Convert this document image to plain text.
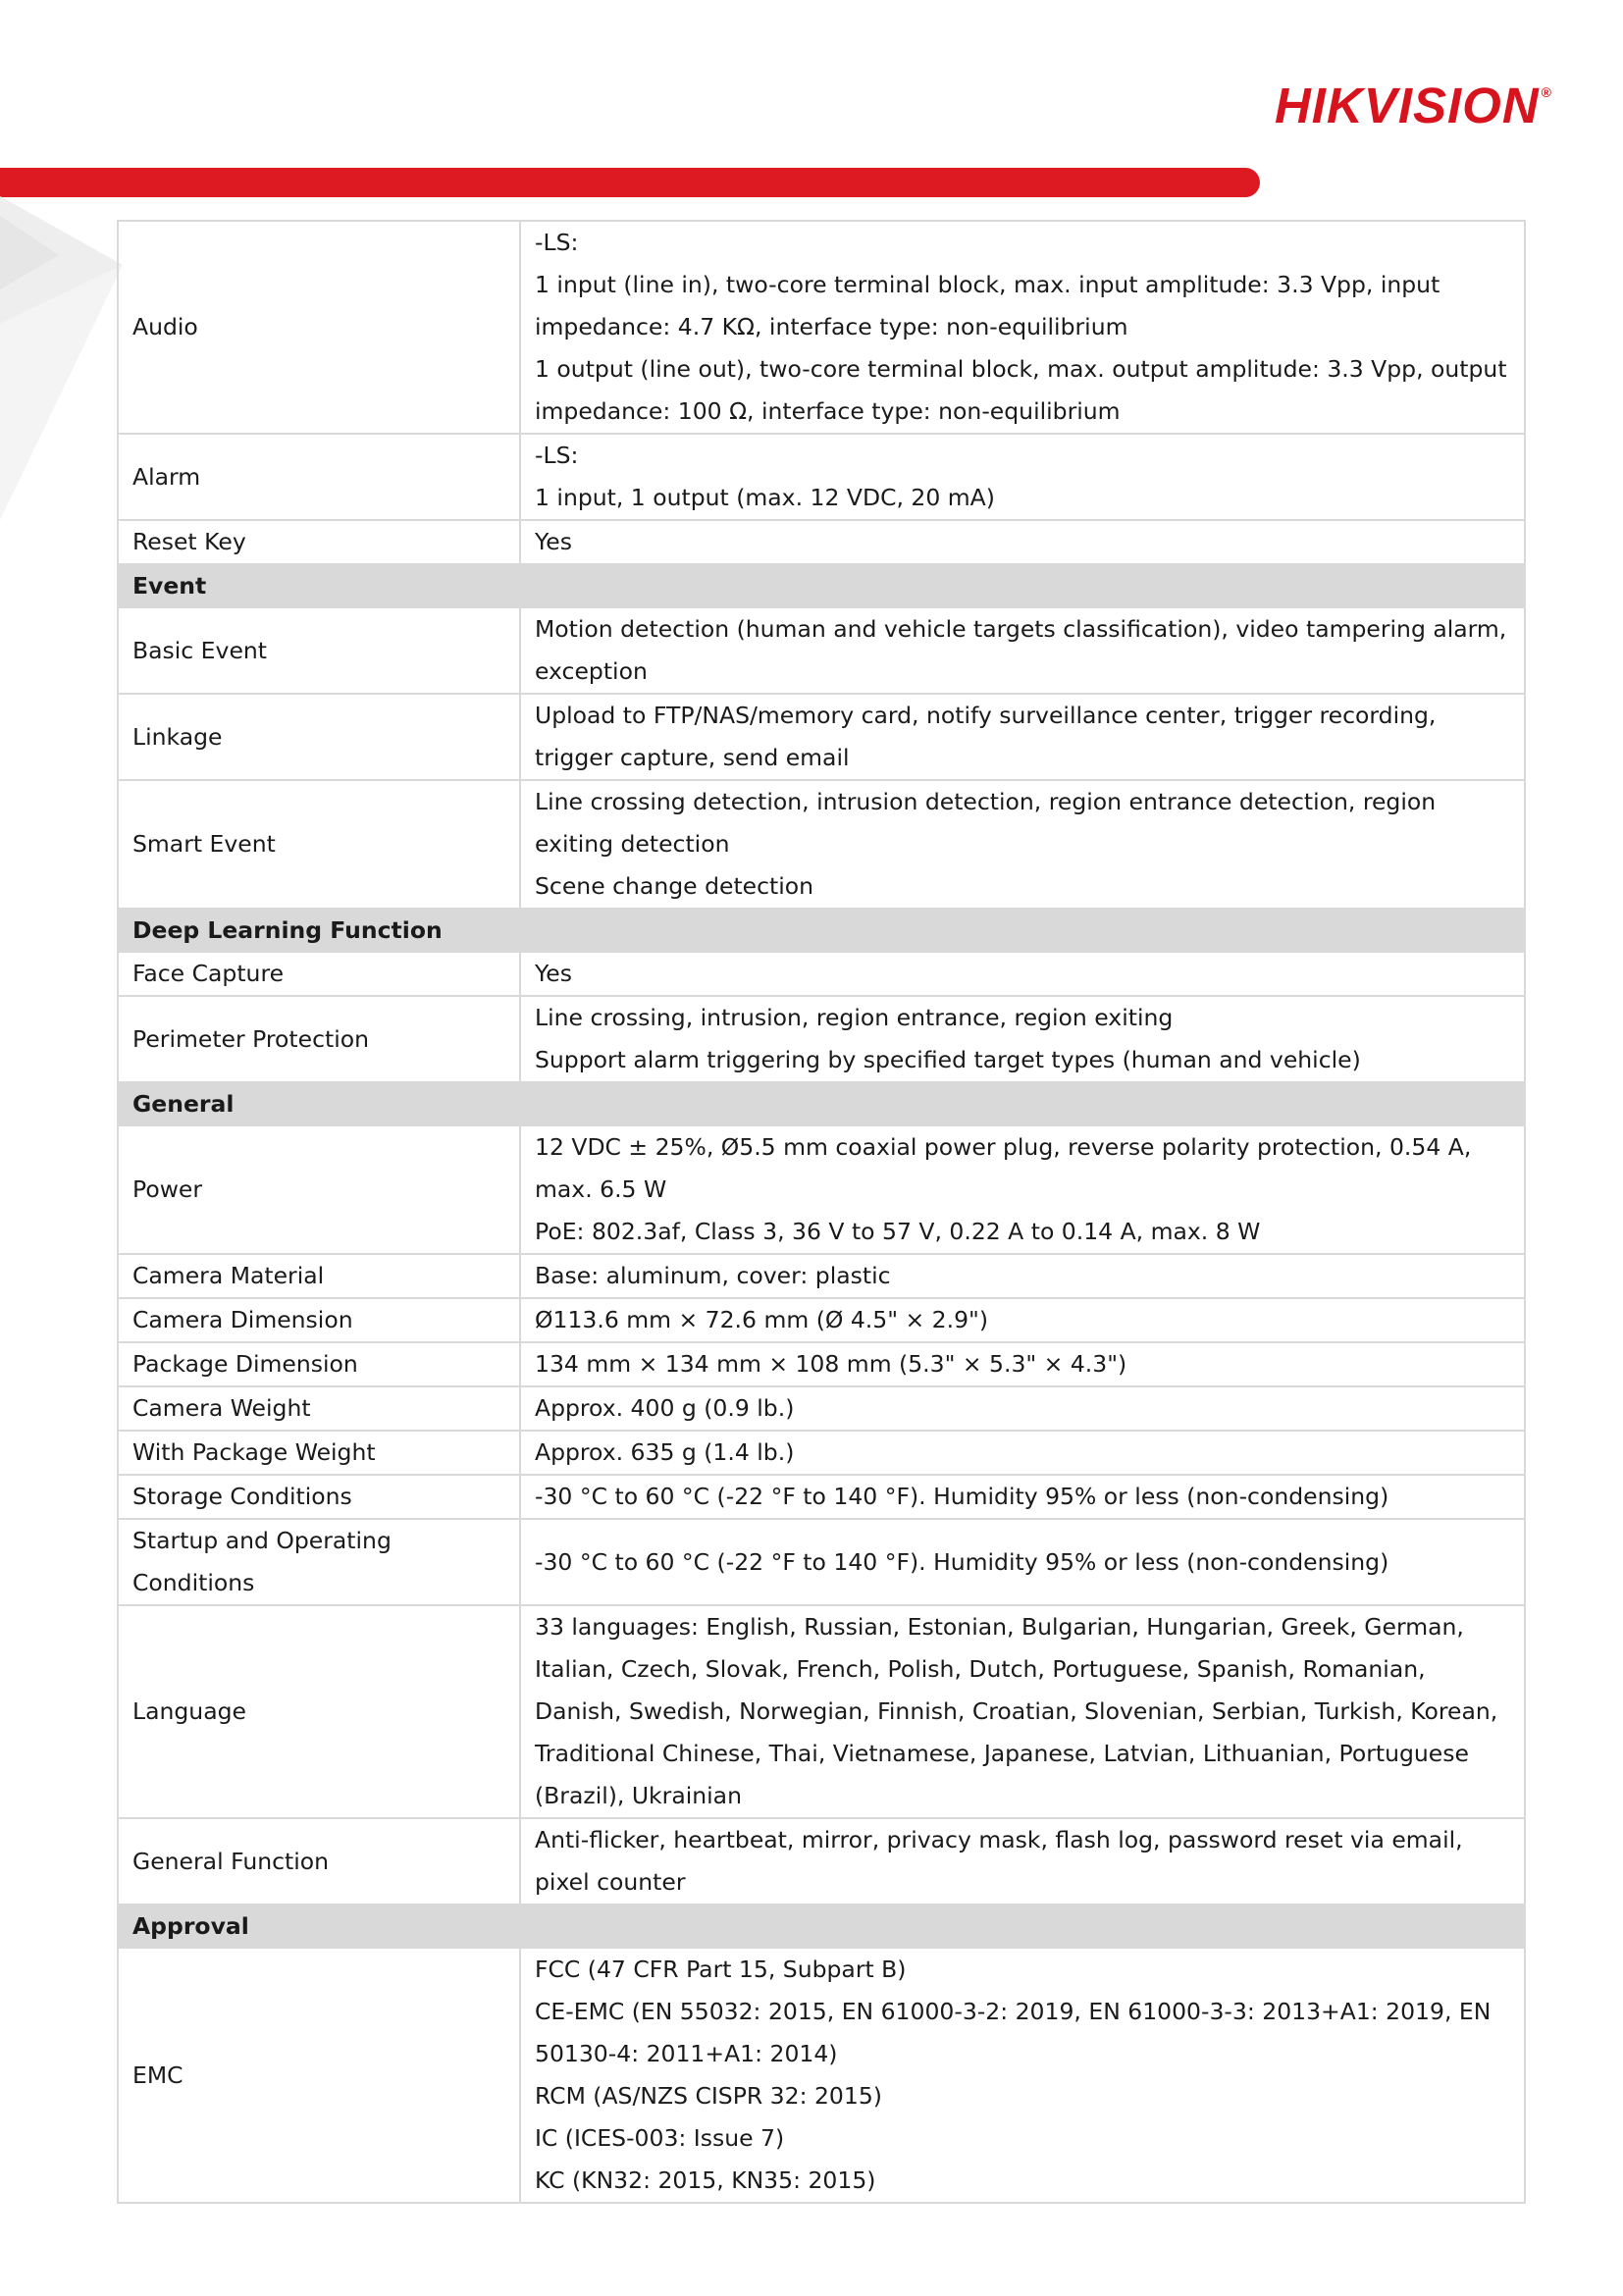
HIKVISION ®
Audio	-LS:
1 input (line in), two-core terminal block, max. input amplitude: 3.3 Vpp, input impedance: 4.7 KΩ, interface type: non-equilibrium
1 output (line out), two-core terminal block, max. output amplitude: 3.3 Vpp, output impedance: 100 Ω, interface type: non-equilibrium

Alarm	-LS:
1 input, 1 output (max. 12 VDC, 20 mA)

Reset Key	Yes

Event	
Basic Event	Motion detection (human and vehicle targets classification), video tampering alarm, exception

Linkage	Upload to FTP/NAS/memory card, notify surveillance center, trigger recording, trigger capture, send email

Smart Event	Line crossing detection, intrusion detection, region entrance detection, region exiting detection
Scene change detection

Deep Learning Function	
Face Capture	Yes

Perimeter Protection	Line crossing, intrusion, region entrance, region exiting
Support alarm triggering by specified target types (human and vehicle)

General	
Power	12 VDC ± 25%, Ø5.5 mm coaxial power plug, reverse polarity protection, 0.54 A, max. 6.5 W
PoE: 802.3af, Class 3, 36 V to 57 V, 0.22 A to 0.14 A, max. 8 W

Camera Material	Base: aluminum, cover: plastic

Camera Dimension	Ø113.6 mm × 72.6 mm (Ø 4.5" × 2.9")

Package Dimension	134 mm × 134 mm × 108 mm (5.3" × 5.3" × 4.3")

Camera Weight	Approx. 400 g (0.9 lb.)

With Package Weight	Approx. 635 g (1.4 lb.)

Storage Conditions	-30 °C to 60 °C (-22 °F to 140 °F). Humidity 95% or less (non-condensing)

Startup and Operating Conditions	-30 °C to 60 °C (-22 °F to 140 °F). Humidity 95% or less (non-condensing)

Language	33 languages: English, Russian, Estonian, Bulgarian, Hungarian, Greek, German, Italian, Czech, Slovak, French, Polish, Dutch, Portuguese, Spanish, Romanian, Danish, Swedish, Norwegian, Finnish, Croatian, Slovenian, Serbian, Turkish, Korean, Traditional Chinese, Thai, Vietnamese, Japanese, Latvian, Lithuanian, Portuguese (Brazil), Ukrainian

General Function	Anti-flicker, heartbeat, mirror, privacy mask, flash log, password reset via email, pixel counter

Approval	
EMC	FCC (47 CFR Part 15, Subpart B)
CE-EMC (EN 55032: 2015, EN 61000-3-2: 2019, EN 61000-3-3: 2013+A1: 2019, EN 50130-4: 2011+A1: 2014)
RCM (AS/NZS CISPR 32: 2015)
IC (ICES-003: Issue 7)
KC (KN32: 2015, KN35: 2015)
